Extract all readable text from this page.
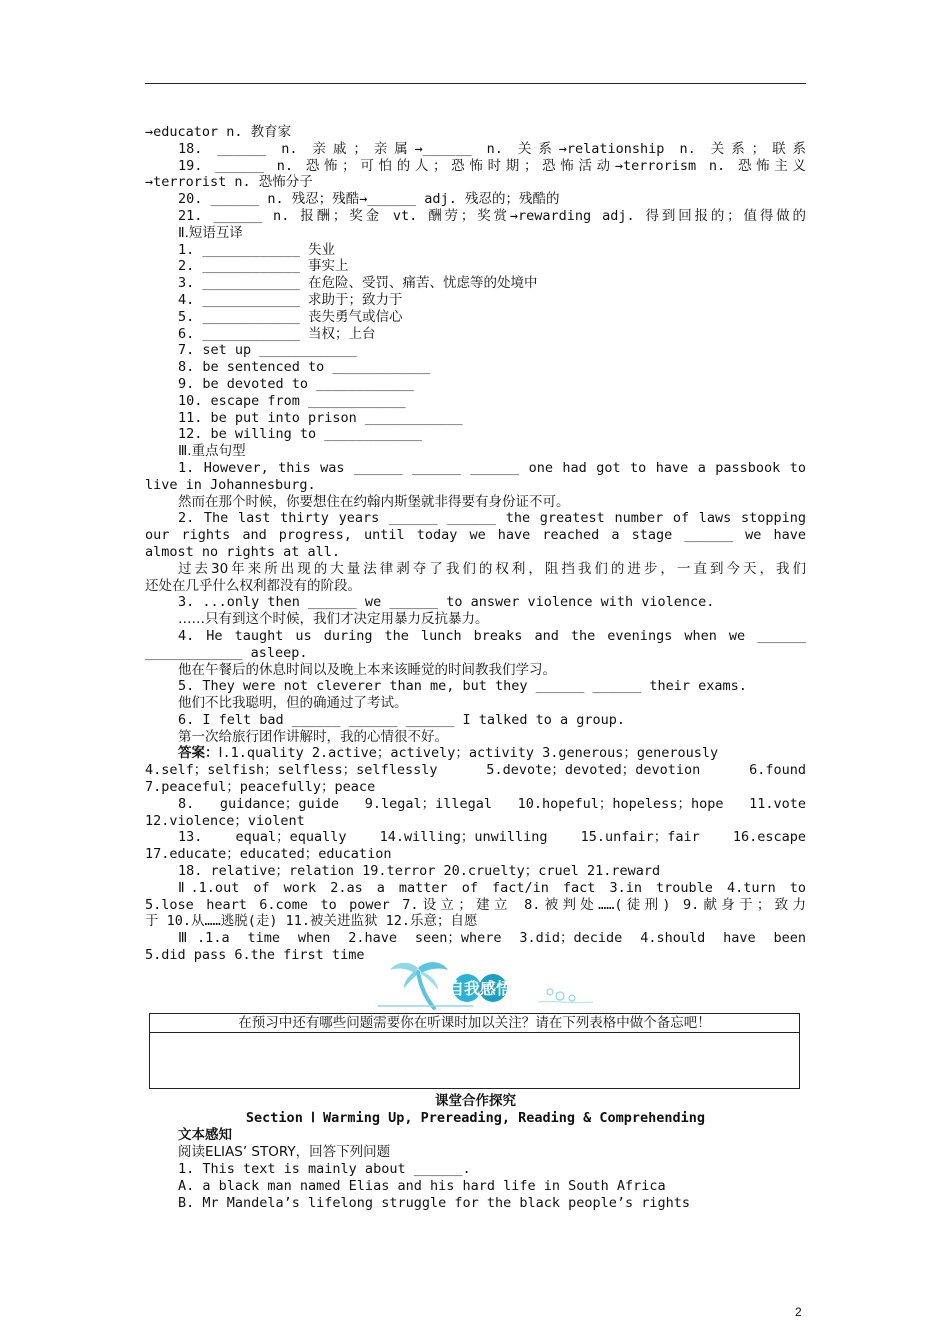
→educator n. 教育家
18. ______ n. 亲戚；亲属→______ n. 关系→relationship n. 关系；联系
19. ______ n. 恐怖；可怕的人；恐怖时期；恐怖活动→terrorism n. 恐怖主义
→terrorist n. 恐怖分子
20. ______ n. 残忍；残酷→______ adj. 残忍的；残酷的
21. ______ n. 报酬；奖金 vt. 酬劳；奖赏→rewarding adj. 得到回报的；值得做的
Ⅱ.短语互译
1. ____________ 失业
2. ____________ 事实上
3. ____________ 在危险、受罚、痛苦、忧虑等的处境中
4. ____________ 求助于；致力于
5. ____________ 丧失勇气或信心
6. ____________ 当权；上台
7. set up ____________
8. be sentenced to ____________
9. be devoted to ____________
10. escape from ____________
11. be put into prison ____________
12. be willing to ____________
Ⅲ.重点句型
1. However, this was ______ ______ ______ one had got to have a passbook to
live in Johannesburg.
然而在那个时候，你要想住在约翰内斯堡就非得要有身份证不可。
2. The last thirty years ______ ______ the greatest number of laws stopping
our rights and progress, until today we have reached a stage ______ we have
almost no rights at all.
过去30年来所出现的大量法律剥夺了我们的权利，阻挡我们的进步，一直到今天，我们
还处在几乎什么权利都没有的阶段。
3. ...only then ______ we ______ to answer violence with violence.
……只有到这个时候，我们才决定用暴力反抗暴力。
4. He taught us during the lunch breaks and the evenings when we ______
____________ asleep.
他在午餐后的休息时间以及晚上本来该睡觉的时间教我们学习。
5. They were not cleverer than me, but they ______ ______ their exams.
他们不比我聪明，但的确通过了考试。
6. I felt bad ______ ______ ______ I talked to a group.
第一次给旅行团作讲解时，我的心情很不好。
答案：Ⅰ.1.quality 2.active；actively；activity 3.generous；generously
4.self；selfish；selfless；selflessly 5.devote；devoted；devotion 6.found
7.peaceful；peacefully；peace
8. guidance；guide 9.legal；illegal 10.hopeful；hopeless；hope 11.vote
12.violence；violent
13. equal；equally 14.willing；unwilling 15.unfair；fair 16.escape
17.educate；educated；education
18. relative；relation 19.terror 20.cruelty；cruel 21.reward
Ⅱ.1.out of work 2.as a matter of fact/in fact 3.in trouble 4.turn to
5.lose heart 6.come to power 7.设立；建立 8.被判处……(徒刑) 9.献身于；致力
于 10.从……逃脱(走) 11.被关进监狱 12.乐意；自愿
Ⅲ.1.a time when 2.have seen；where 3.did；decide 4.should have been
5.did pass 6.the first time
自我感悟
在预习中还有哪些问题需要你在听课时加以关注？请在下列表格中做个备忘吧！
课堂合作探究
Section Ⅰ Warming Up, Prereading, Reading & Comprehending
文本感知
阅读ELIAS’ STORY，回答下列问题
1. This text is mainly about ______.
A. a black man named Elias and his hard life in South Africa
B. Mr Mandela’s lifelong struggle for the black people’s rights
2
